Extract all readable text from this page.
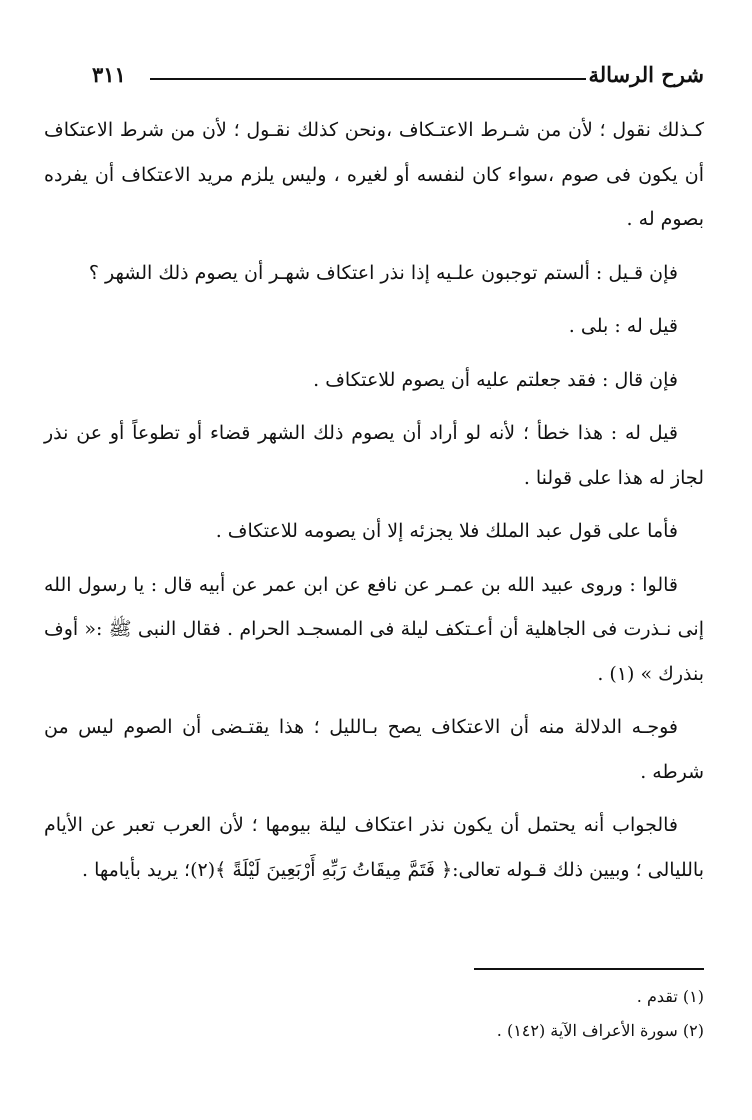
شرح الرسالة
٣١١

كـذلك نقول ؛ لأن من شـرط الاعتـكاف ،ونحن كذلك نقـول ؛ لأن من شرط الاعتكاف أن يكون فى صوم ،سواء كان لنفسه أو لغيره ، وليس يلزم مريد الاعتكاف أن يفرده بصوم له .

فإن قـيل : ألستم توجبون علـيه إذا نذر اعتكاف شهـر أن يصوم ذلك الشهر ؟

قيل له : بلى .

فإن قال : فقد جعلتم عليه أن يصوم للاعتكاف .

قيل له : هذا خطأ ؛ لأنه لو أراد أن يصوم ذلك الشهر قضاء أو تطوعاً أو عن نذر لجاز له هذا على قولنا .

فأما على قول عبد الملك فلا يجزئه إلا أن يصومه للاعتكاف .

قالوا : وروى عبيد الله بن عمـر عن نافع عن ابن عمر عن أبيه قال : يا رسول الله إنى نـذرت فى الجاهلية أن أعـتكف ليلة فى المسجـد الحرام . فقال النبى ﷺ :« أوف بنذرك » (١) .

فوجـه الدلالة منه أن الاعتكاف يصح بـالليل ؛ هذا يقتـضى أن الصوم ليس من شرطه .

فالجواب أنه يحتمل أن يكون نذر اعتكاف ليلة بيومها ؛ لأن العرب تعبر عن الأيام بالليالى ؛ وبيين ذلك قـوله تعالى:﴿ فَتَمَّ مِيقَاتُ رَبِّهِ أَرْبَعِينَ لَيْلَةً ﴾(٢)؛ يريد بأيامها .

(١) تقدم .
(٢) سورة الأعراف الآية (١٤٢) .
